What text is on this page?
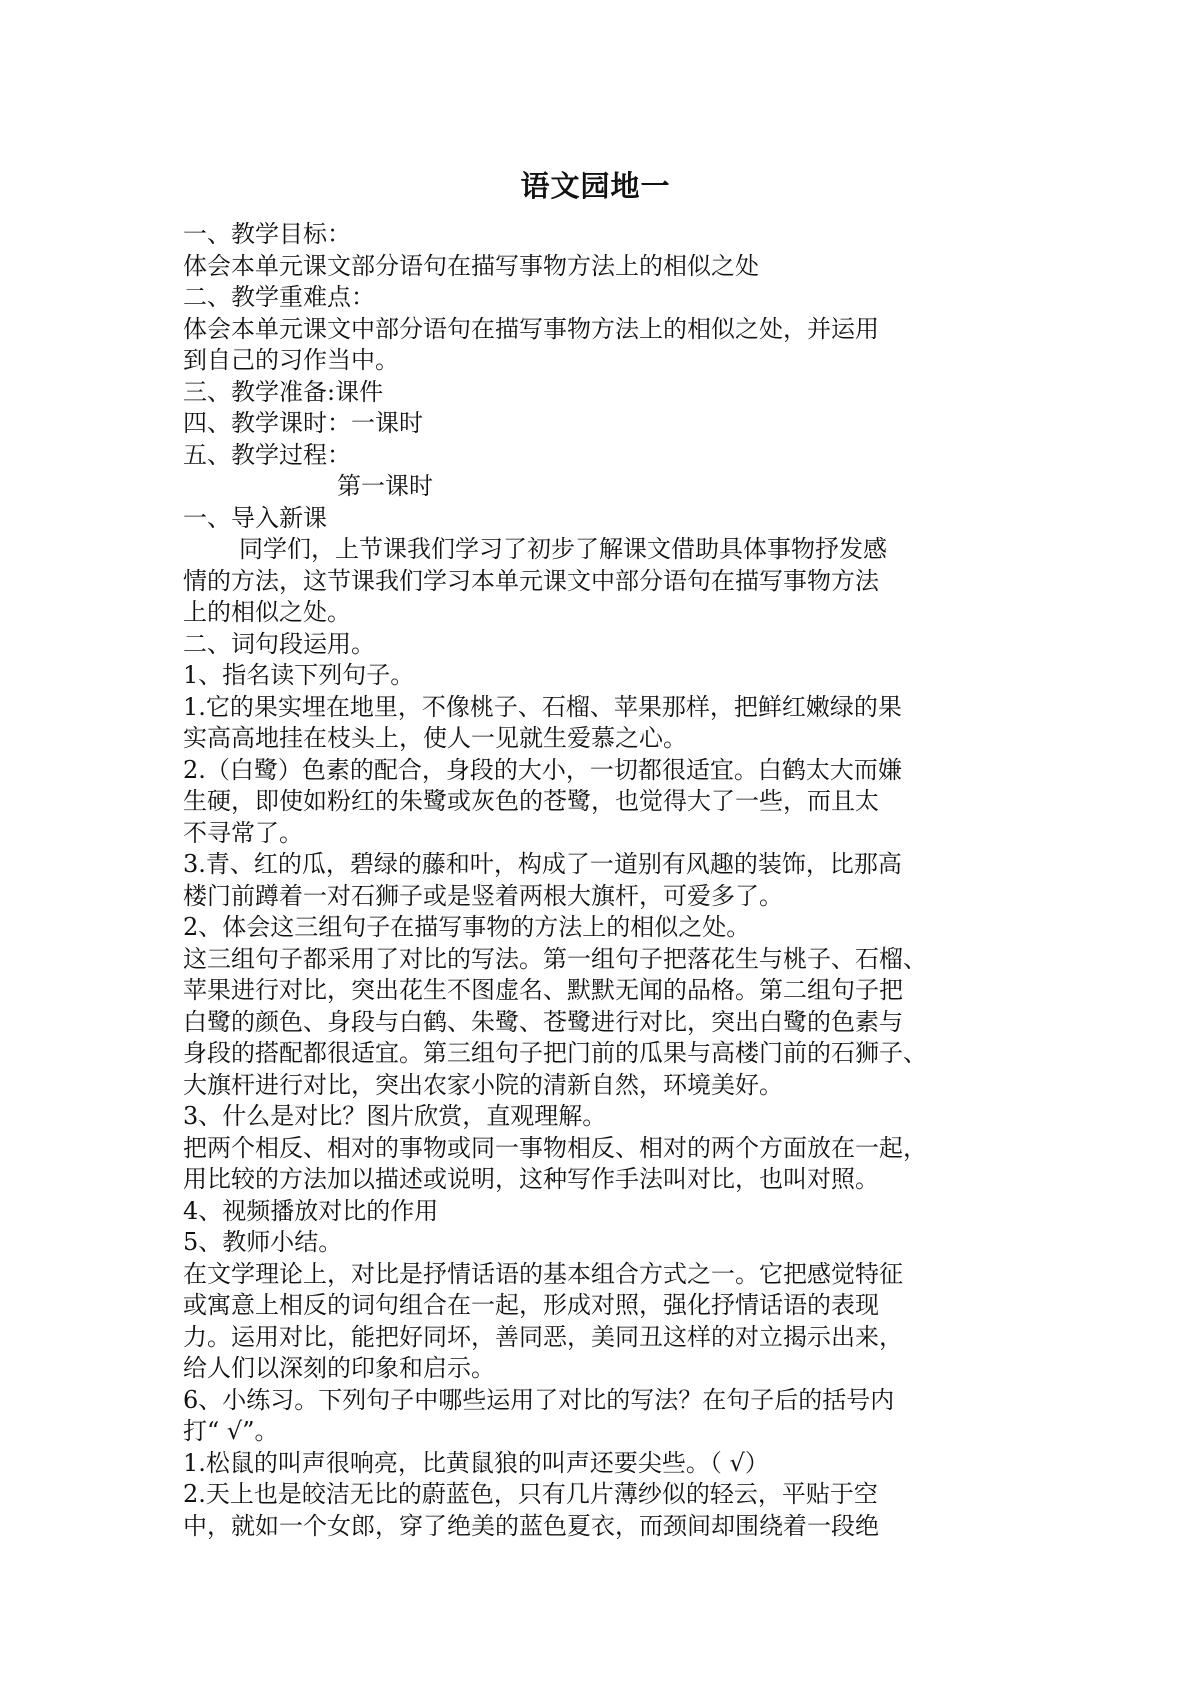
语文园地一
一、教学目标：
体会本单元课文部分语句在描写事物方法上的相似之处
二、教学重难点：
体会本单元课文中部分语句在描写事物方法上的相似之处，并运用
到自己的习作当中。
三、教学准备:课件
四、教学课时：一课时
五、教学过程：
第一课时
一、导入新课
同学们，上节课我们学习了初步了解课文借助具体事物抒发感
情的方法，这节课我们学习本单元课文中部分语句在描写事物方法
上的相似之处。
二、词句段运用。
1、指名读下列句子。
1.它的果实埋在地里，不像桃子、石榴、苹果那样，把鲜红嫩绿的果
实高高地挂在枝头上，使人一见就生爱慕之心。
2.（白鹭）色素的配合，身段的大小，一切都很适宜。白鹤太大而嫌
生硬，即使如粉红的朱鹭或灰色的苍鹭，也觉得大了一些，而且太
不寻常了。
3.青、红的瓜，碧绿的藤和叶，构成了一道别有风趣的装饰，比那高
楼门前蹲着一对石狮子或是竖着两根大旗杆，可爱多了。
2、体会这三组句子在描写事物的方法上的相似之处。
这三组句子都采用了对比的写法。第一组句子把落花生与桃子、石榴、
苹果进行对比，突出花生不图虚名、默默无闻的品格。第二组句子把
白鹭的颜色、身段与白鹤、朱鹭、苍鹭进行对比，突出白鹭的色素与
身段的搭配都很适宜。第三组句子把门前的瓜果与高楼门前的石狮子、
大旗杆进行对比，突出农家小院的清新自然，环境美好。
3、什么是对比？图片欣赏，直观理解。
把两个相反、相对的事物或同一事物相反、相对的两个方面放在一起，
用比较的方法加以描述或说明，这种写作手法叫对比，也叫对照。
4、视频播放对比的作用
5、教师小结。
在文学理论上，对比是抒情话语的基本组合方式之一。它把感觉特征
或寓意上相反的词句组合在一起，形成对照，强化抒情话语的表现
力。运用对比，能把好同坏，善同恶，美同丑这样的对立揭示出来，
给人们以深刻的印象和启示。
6、小练习。下列句子中哪些运用了对比的写法？在句子后的括号内
打“ √”。
1.松鼠的叫声很响亮，比黄鼠狼的叫声还要尖些。（ √）
2.天上也是皎洁无比的蔚蓝色，只有几片薄纱似的轻云，平贴于空
中，就如一个女郎，穿了绝美的蓝色夏衣，而颈间却围绕着一段绝
